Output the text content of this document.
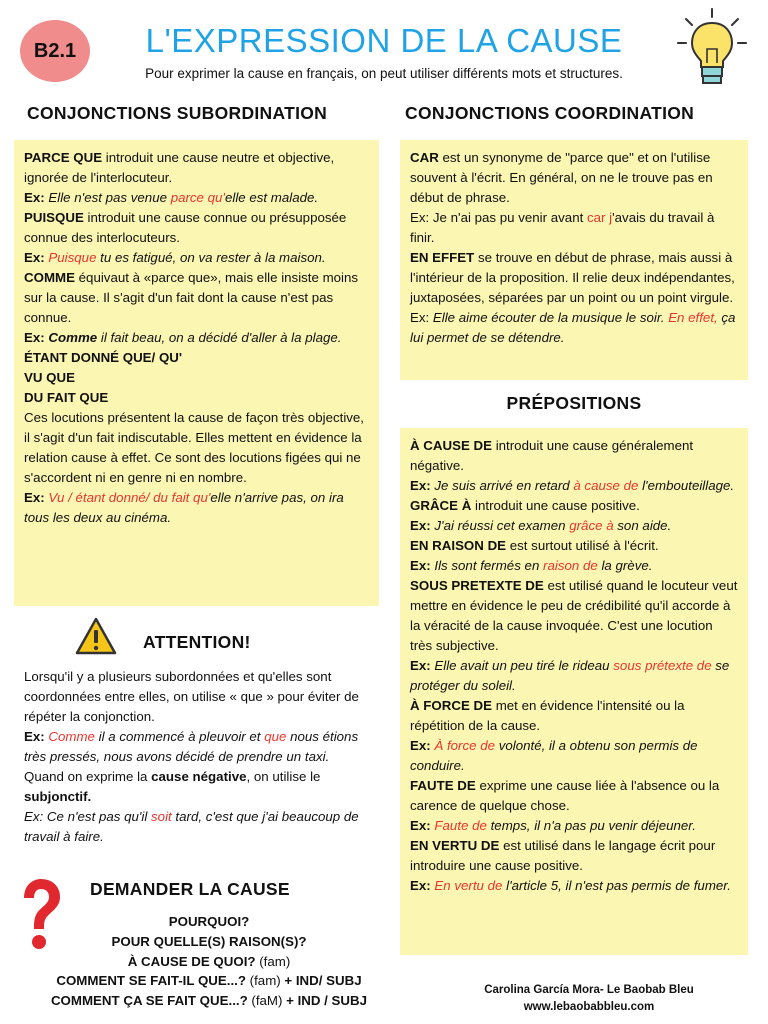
B2.1	L'EXPRESSION DE LA CAUSE
Pour exprimer la cause en français, on peut utiliser différents mots et structures.
CONJONCTIONS SUBORDINATION
PARCE QUE introduit une cause neutre et objective, ignorée de l'interlocuteur.
Ex: Elle n'est pas venue parce qu'elle est malade.
PUISQUE introduit une cause connue ou présupposée connue des interlocuteurs.
Ex: Puisque tu es fatigué, on va rester à la maison.
COMME équivaut à «parce que», mais elle insiste moins sur la cause. Il s'agit d'un fait dont la cause n'est pas connue.
Ex: Comme il fait beau, on a décidé d'aller à la plage.
ÉTANT DONNÉ QUE/ QU'
VU QUE
DU FAIT QUE
Ces locutions présentent la cause de façon très objective, il s'agit d'un fait indiscutable. Elles mettent en évidence la relation cause à effet. Ce sont des locutions figées qui ne s'accordent ni en genre ni en nombre.
Ex: Vu / étant donné/ du fait qu'elle n'arrive pas, on ira tous les deux au cinéma.
ATTENTION!
Lorsqu'il y a plusieurs subordonnées et qu'elles sont coordonnées entre elles, on utilise « que » pour éviter de répéter la conjonction.
Ex: Comme il a commencé à pleuvoir et que nous étions très pressés, nous avons décidé de prendre un taxi.
Quand on exprime la cause négative, on utilise le subjonctif.
Ex: Ce n'est pas qu'il soit tard, c'est que j'ai beaucoup de travail à faire.
DEMANDER LA CAUSE
POURQUOI?
POUR QUELLE(S) RAISON(S)?
À CAUSE DE QUOI? (fam)
COMMENT SE FAIT-IL QUE...? (fam) + IND/ SUBJ
COMMENT ÇA SE FAIT QUE...? (faM) + IND / SUBJ
CONJONCTIONS COORDINATION
CAR est un synonyme de "parce que" et on l'utilise souvent à l'écrit. En général, on ne le trouve pas en début de phrase.
Ex: Je n'ai pas pu venir avant car j'avais du travail à finir.
EN EFFET se trouve en début de phrase, mais aussi à l'intérieur de la proposition. Il relie deux indépendantes, juxtaposées, séparées par un point ou un point virgule.
Ex: Elle aime écouter de la musique le soir. En effet, ça lui permet de se détendre.
PRÉPOSITIONS
À CAUSE DE introduit une cause généralement négative.
Ex: Je suis arrivé en retard à cause de l'embouteillage.
GRÂCE À introduit une cause positive.
Ex: J'ai réussi cet examen grâce à son aide.
EN RAISON DE est surtout utilisé à l'écrit.
Ex: Ils sont fermés en raison de la grève.
SOUS PRETEXTE DE est utilisé quand le locuteur veut mettre en évidence le peu de crédibilité qu'il accorde à la véracité de la cause invoquée. C'est une locution très subjective.
Ex: Elle avait un peu tiré le rideau sous prétexte de se protéger du soleil.
À FORCE DE met en évidence l'intensité ou la répétition de la cause.
Ex: À force de volonté, il a obtenu son permis de conduire.
FAUTE DE exprime une cause liée à l'absence ou la carence de quelque chose.
Ex: Faute de temps, il n'a pas pu venir déjeuner.
EN VERTU DE est utilisé dans le langage écrit pour introduire une cause positive.
Ex: En vertu de l'article 5, il n'est pas permis de fumer.
Carolina García Mora- Le Baobab Bleu
www.lebaobabbleu.com
